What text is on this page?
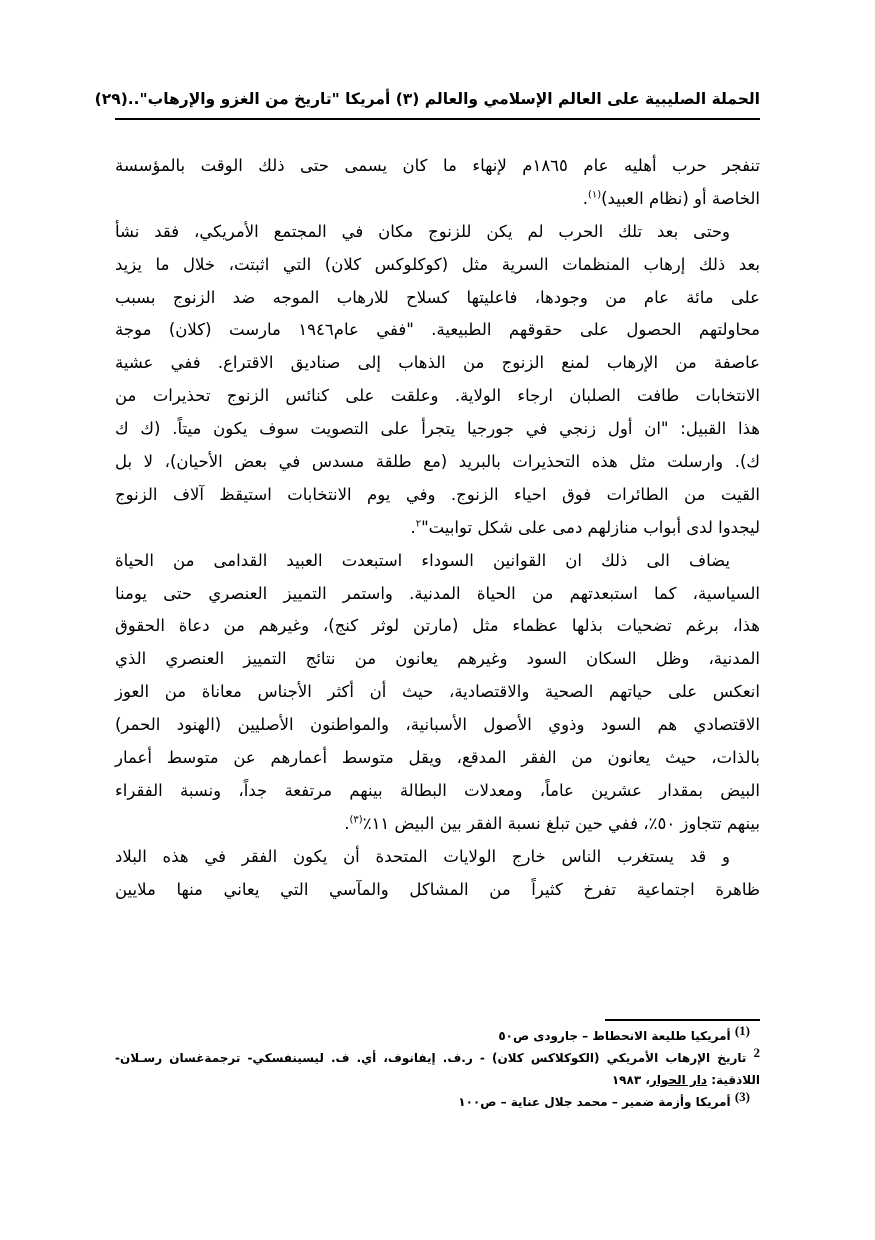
الحملة الصليبية على العالم الإسلامي والعالم (٣) أمريكا "تاريخ من الغزو والإرهاب"..
(٢٩)
تنفجر حرب أهليه عام ١٨٦٥م لإنهاء ما كان يسمى حتى ذلك الوقت بالمؤسسة
الخاصة أو (نظام العبيد)$^{(١)}$.
وحتى بعد تلك الحرب لم يكن للزنوج مكان في المجتمع الأمريكي، فقد نشأ
بعد ذلك إرهاب المنظمات السرية مثل (كوكلوكس كلان) التي اثبتت، خلال ما يزيد
على مائة عام من وجودها، فاعليتها كسلاح للارهاب الموجه ضد الزنوج بسبب
محاولتهم الحصول على حقوقهم الطبيعية. "ففي عام١٩٤٦ مارست (كلان) موجة
عاصفة من الإرهاب لمنع الزنوج من الذهاب إلى صناديق الاقتراع. ففي عشية
الانتخابات طافت الصلبان ارجاء الولاية. وعلقت على كنائس الزنوج تحذيرات من
هذا القبيل: "ان أول زنجي في جورجيا يتجرأ على التصويت سوف يكون ميتاً. (ك ك
ك). وارسلت مثل هذه التحذيرات بالبريد (مع طلقة مسدس في بعض الأحيان)، لا بل
القيت من الطائرات فوق احياء الزنوج. وفي يوم الانتخابات استيقظ آلاف الزنوج
ليجدوا لدى أبواب منازلهم دمى على شكل توابيت"$^٢$.
يضاف الى ذلك ان القوانين السوداء استبعدت العبيد القدامى من الحياة
السياسية، كما استبعدتهم من الحياة المدنية. واستمر التمييز العنصري حتى يومنا
هذا، برغم تضحيات بذلها عظماء مثل (مارتن لوثر كنج)، وغيرهم من دعاة الحقوق
المدنية، وظل السكان السود وغيرهم يعانون من نتائج التمييز العنصري الذي
انعكس على حياتهم الصحية والاقتصادية، حيث أن أكثر الأجناس معاناة من العوز
الاقتصادي هم السود وذوي الأصول الأسبانية، والمواطنون الأصليين (الهنود الحمر)
بالذات، حيث يعانون من الفقر المدقع، ويقل متوسط أعمارهم عن متوسط أعمار
البيض بمقدار عشرين عاماً، ومعدلات البطالة بينهم مرتفعة جداً، ونسبة الفقراء
بينهم تتجاوز ٥٠٪، ففي حين تبلغ نسبة الفقر بين البيض ١١٪$^{(٣)}$.
و قد يستغرب الناس خارج الولايات المتحدة أن يكون الفقر في هذه البلاد
ظاهرة اجتماعية تفرخ كثيراً من المشاكل والمآسي التي يعاني منها ملايين
$^{(1)}$ أمريكيا طليعة الانحطاط – جارودى ص٥٠
$^2$ تاريخ الإرهاب الأمريكي (الكوكلاكس كلان) - ر.ف. إيفانوف، أي. ف. ليسينفسكي- ترجمةغسان رسـلان-
اللاذقية: دار الحوار، ١٩٨٣
$^{(3)}$ أمريكا وأزمة ضمير – محمد جلال عناية – ص١٠٠
